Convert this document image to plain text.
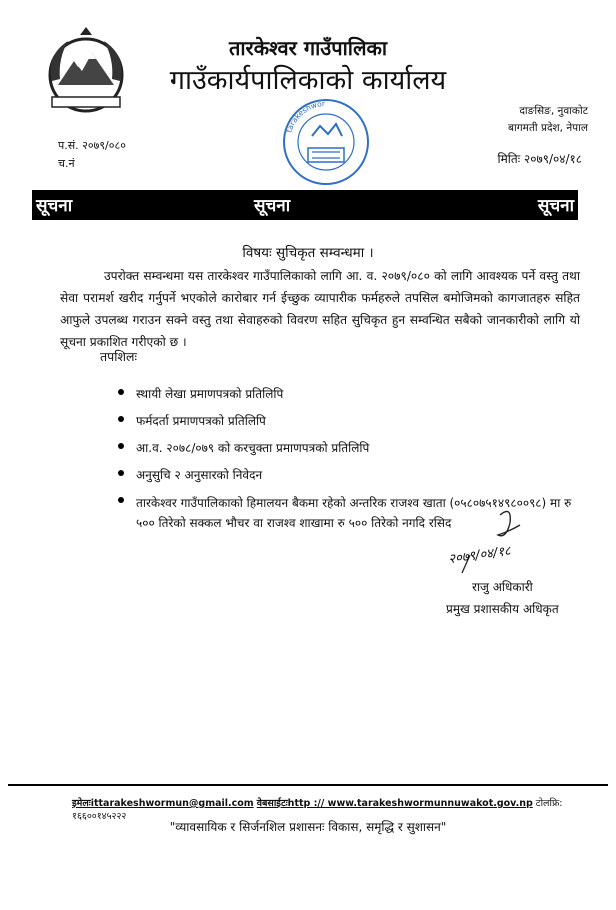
तारकेश्वर गाउँपालिका
गाउँकार्यपालिकाको कार्यालय
दाङसिङ, नुवाकोट
बागमती प्रदेश, नेपाल
प.सं. २०७९/०८०
च.नं	मितिः २०७९/०४/१८
tarakeshwor
सूचना	सूचना	सूचना
विषयः सुचिकृत सम्वन्धमा ।

उपरोक्त सम्वन्धमा यस तारकेश्वर गाउँपालिकाको लागि आ. व. २०७९/०८० को लागि आवश्यक पर्ने वस्तु तथा सेवा परामर्श खरीद गर्नुपर्ने भएकोले कारोबार गर्न ईच्छुक व्यापारीक फर्महरुले तपसिल बमोजिमको कागजातहरु सहित आफुले उपलब्ध गराउन सक्ने वस्तु तथा सेवाहरुको विवरण सहित सुचिकृत हुन सम्वन्धित सबैको जानकारीको लागि यो सूचना प्रकाशित गरीएको छ ।

तपशिलः
स्थायी लेखा प्रमाणपत्रको प्रतिलिपि
फर्मदर्ता प्रमाणपत्रको प्रतिलिपि
आ.व. २०७८/०७९ को करचुक्ता प्रमाणपत्रको प्रतिलिपि
अनुसुचि २ अनुसारको निवेदन
तारकेश्वर गाउँपालिकाको हिमालयन बैकमा रहेको अन्तरिक राजश्व खाता (०५८०७५१४९८००९८) मा रु ५०० तिरेको सक्कल भौचर वा राजश्व शाखामा रु ५०० तिरेको नगदि रसिद
२०७९/०४/१८
राजु अधिकारी
प्रमुख प्रशासकीय अधिकृत
इमेलःittarakeshwormun@gmail.com वेबसाईटःhttp :// www.tarakeshwormunnuwakot.gov.np टोलफ्रि: १६६००१४५२२२
"व्यावसायिक र सिर्जनशिल प्रशासनः विकास, समृद्धि र सुशासन"
